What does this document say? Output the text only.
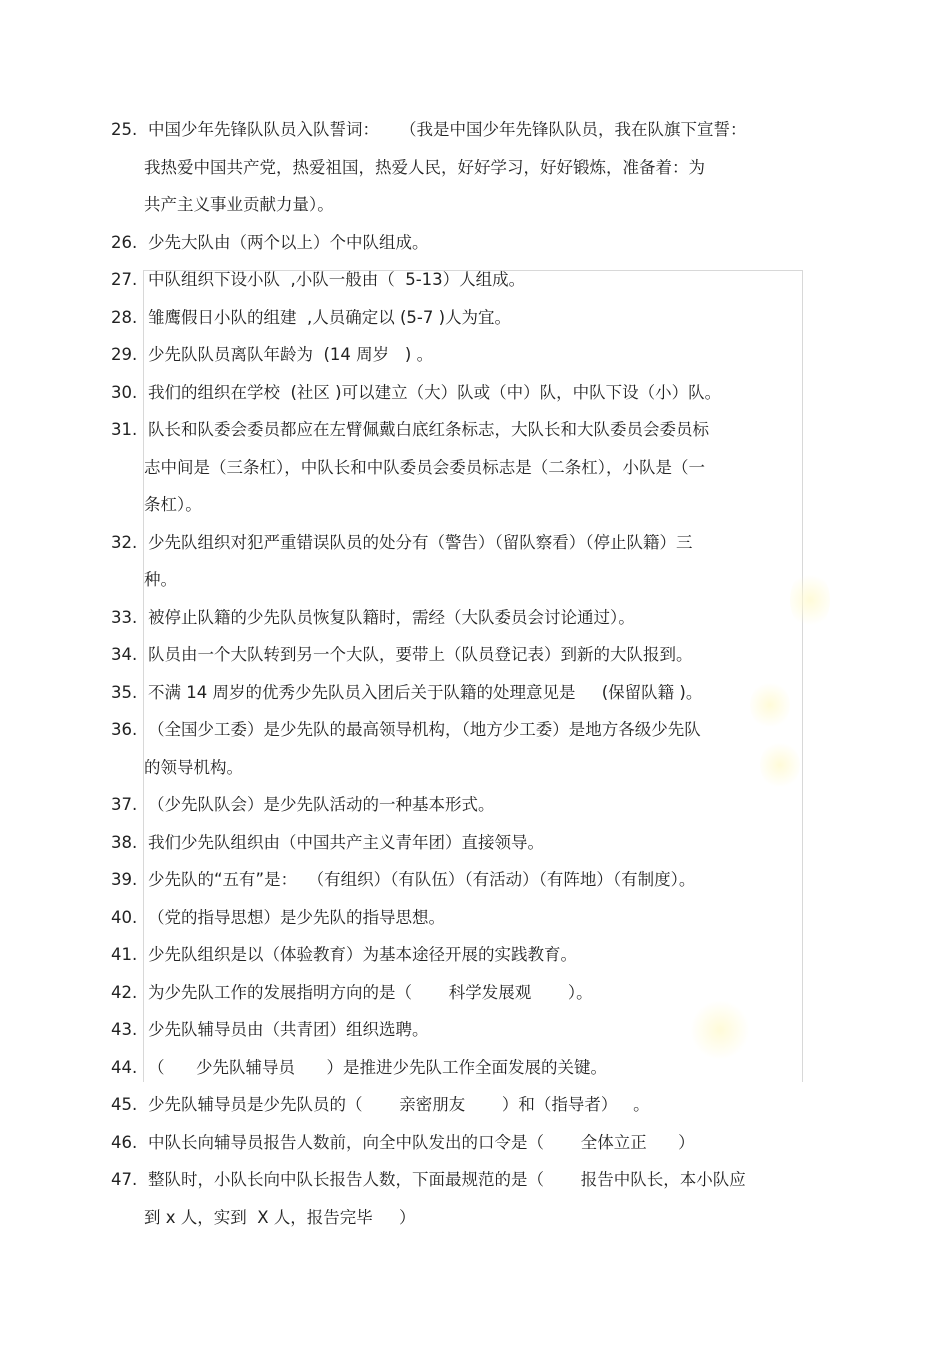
25. 中国少年先锋队队员入队誓词：    （我是中国少年先锋队队员，我在队旗下宣誓：
我热爱中国共产党，热爱祖国，热爱人民，好好学习，好好锻炼，准备着：为
共产主义事业贡献力量）。
26. 少先大队由（两个以上）个中队组成。
27. 中队组织下设小队  ,小队一般由（  5-13）人组成。
28. 雏鹰假日小队的组建  ,人员确定以 (5-7 )人为宜。
29. 少先队队员离队年龄为  (14 周岁   ) 。
30. 我们的组织在学校  (社区 )可以建立（大）队或（中）队，中队下设（小）队。
31. 队长和队委会委员都应在左臂佩戴白底红条标志，大队长和大队委员会委员标
志中间是（三条杠），中队长和中队委员会委员标志是（二条杠），小队是（一
条杠）。
32. 少先队组织对犯严重错误队员的处分有（警告）（留队察看）（停止队籍）三
种。
33. 被停止队籍的少先队员恢复队籍时，需经（大队委员会讨论通过）。
34. 队员由一个大队转到另一个大队，要带上（队员登记表）到新的大队报到。
35. 不满 14 周岁的优秀少先队员入团后关于队籍的处理意见是     (保留队籍 )。
36. （全国少工委）是少先队的最高领导机构，（地方少工委）是地方各级少先队
的领导机构。
37. （少先队队会）是少先队活动的一种基本形式。
38. 我们少先队组织由（中国共产主义青年团）直接领导。
39. 少先队的“五有”是：  （有组织）（有队伍）（有活动）（有阵地）（有制度）。
40. （党的指导思想）是少先队的指导思想。
41. 少先队组织是以（体验教育）为基本途径开展的实践教育。
42. 为少先队工作的发展指明方向的是（       科学发展观       ）。
43. 少先队辅导员由（共青团）组织选聘。
44. （      少先队辅导员      ）是推进少先队工作全面发展的关键。
45. 少先队辅导员是少先队员的（       亲密朋友       ）和（指导者）   。
46. 中队长向辅导员报告人数前，向全中队发出的口令是（       全体立正      ）
47. 整队时，小队长向中队长报告人数，下面最规范的是（       报告中队长，本小队应
到 x 人，实到  X 人，报告完毕     ）
